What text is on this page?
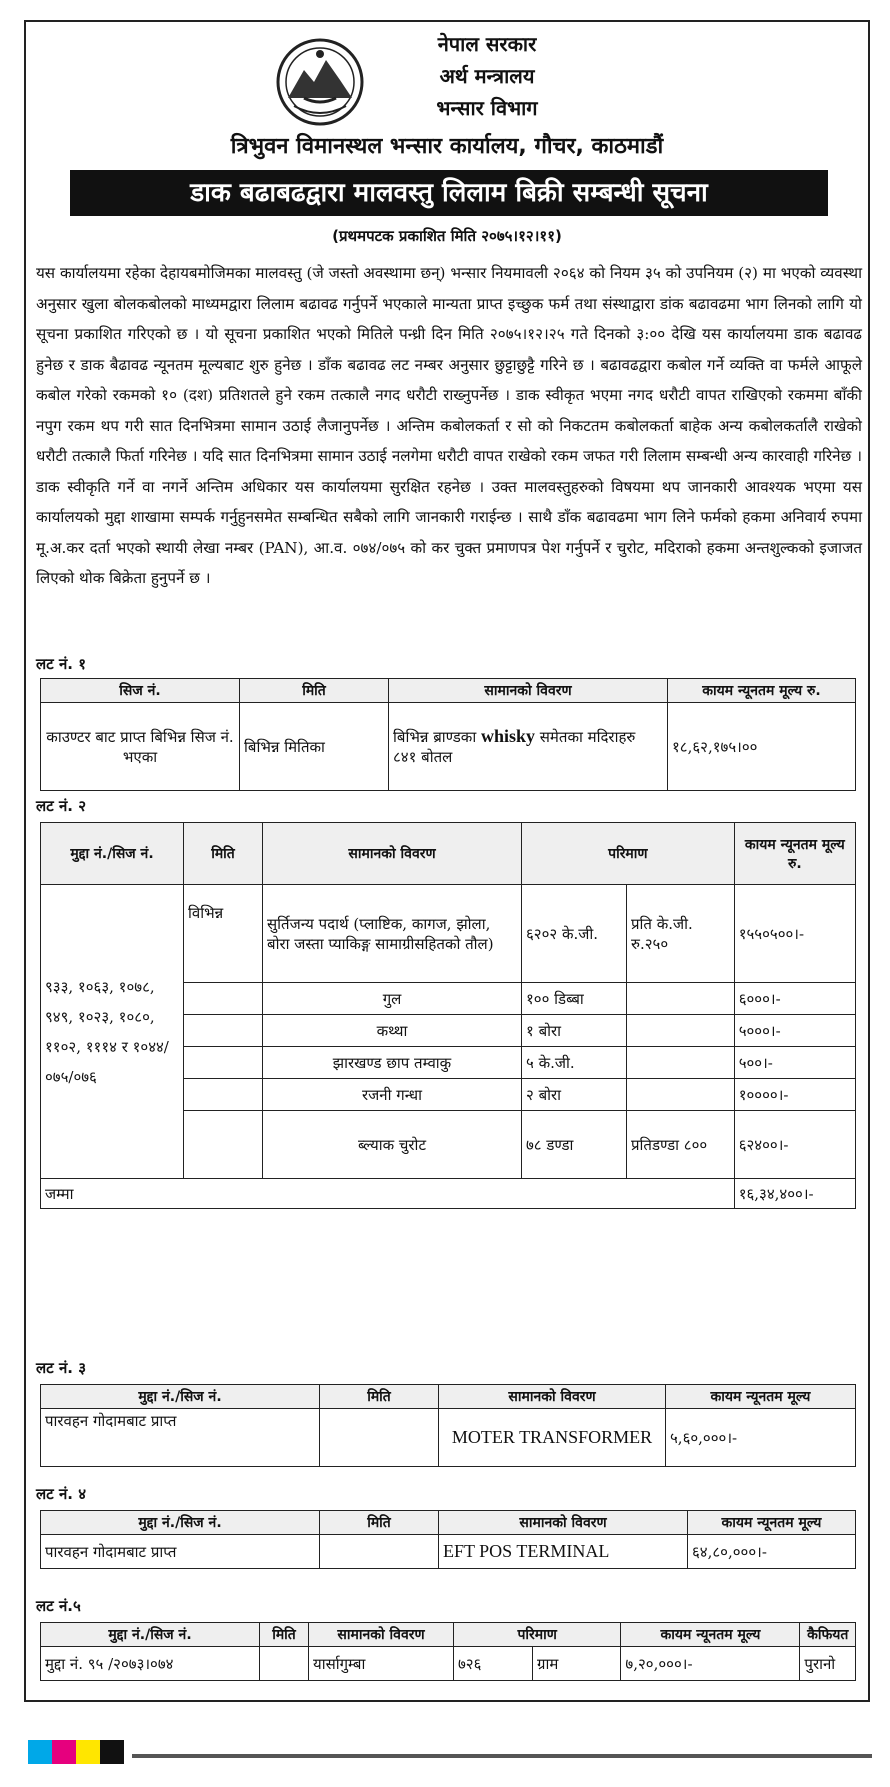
नेपाल सरकार
अर्थ मन्त्रालय
भन्सार विभाग
त्रिभुवन विमानस्थल भन्सार कार्यालय, गौचर, काठमाडौं
डाक बढाबढद्वारा मालवस्तु लिलाम बिक्री सम्बन्धी सूचना
(प्रथमपटक प्रकाशित मिति २०७५।१२।११)
यस कार्यालयमा रहेका देहायबमोजिमका मालवस्तु (जे जस्तो अवस्थामा छन्) भन्सार नियमावली २०६४ को नियम ३५ को उपनियम (२) मा भएको व्यवस्था अनुसार खुला बोलकबोलको माध्यमद्वारा लिलाम बढावढ गर्नुपर्ने भएकाले मान्यता प्राप्त इच्छुक फर्म तथा संस्थाद्वारा डांक बढावढमा भाग लिनको लागि यो सूचना प्रकाशित गरिएको छ । यो सूचना प्रकाशित भएको मितिले पन्ध्री दिन मिति २०७५।१२।२५ गते दिनको ३:०० देखि यस कार्यालयमा डाक बढावढ हुनेछ र डाक बैढावढ न्यूनतम मूल्यबाट शुरु हुनेछ । डाँक बढावढ लट नम्बर अनुसार छुट्टाछुट्टै गरिने छ । बढावढद्वारा कबोल गर्ने व्यक्ति वा फर्मले आफूले कबोल गरेको रकमको १० (दश) प्रतिशतले हुने रकम तत्कालै नगद धरौटी राख्नुपर्नेछ । डाक स्वीकृत भएमा नगद धरौटी वापत राखिएको रकममा बाँकी नपुग रकम थप गरी सात दिनभित्रमा सामान उठाई लैजानुपर्नेछ । अन्तिम कबोलकर्ता र सो को निकटतम कबोलकर्ता बाहेक अन्य कबोलकर्तालै राखेको धरौटी तत्कालै फिर्ता गरिनेछ । यदि सात दिनभित्रमा सामान उठाई नलगेमा धरौटी वापत राखेको रकम जफत गरी लिलाम सम्बन्धी अन्य कारवाही गरिनेछ । डाक स्वीकृति गर्ने वा नगर्ने अन्तिम अधिकार यस कार्यालयमा सुरक्षित रहनेछ । उक्त मालवस्तुहरुको विषयमा थप जानकारी आवश्यक भएमा यस कार्यालयको मुद्दा शाखामा सम्पर्क गर्नुहुनसमेत सम्बन्धित सबैको लागि जानकारी गराईन्छ । साथै डाँक बढावढमा भाग लिने फर्मको हकमा अनिवार्य रुपमा मू.अ.कर दर्ता भएको स्थायी लेखा नम्बर (PAN), आ.व. ०७४/०७५ को कर चुक्त प्रमाणपत्र पेश गर्नुपर्ने र चुरोट, मदिराको हकमा अन्तशुल्कको इजाजत लिएको थोक बिक्रेता हुनुपर्ने छ ।
लट नं. १
सिज नं.	मिति	सामानको विवरण	कायम न्यूनतम मूल्य रु.
काउण्टर बाट प्राप्त बिभिन्न सिज नं. भएका	बिभिन्न मितिका	बिभिन्न ब्राण्डका whisky समेतका मदिराहरु ८४१ बोतल	१८,६२,१७५।००
लट नं. २
मुद्दा नं./सिज नं.	मिति	सामानको विवरण	परिमाण		कायम न्यूनतम मूल्य रु.
९३३, १०६३, १०७८, ९४९, १०२३, १०८०, ११०२, १११४ र १०४४/ ०७५/०७६	विभिन्न	सुर्तिजन्य पदार्थ (प्लाष्टिक, कागज, झोला, बोरा जस्ता प्याकिङ्ग सामाग्रीसहितको तौल)	६२०२ के.जी.	प्रति के.जी. रु.२५०	१५५०५००।-
		गुल	१०० डिब्बा		६०००।-
		कथ्था	१ बोरा		५०००।-
		झारखण्ड छाप तम्वाकु	५ के.जी.		५००।-
		रजनी गन्धा	२ बोरा		१००००।-
		ब्ल्याक चुरोट	७८ डण्डा	प्रतिडण्डा ८००	६२४००।-
जम्मा					१६,३४,४००।-
लट नं. ३
मुद्दा नं./सिज नं.	मिति	सामानको विवरण	कायम न्यूनतम मूल्य
पारवहन गोदामबाट प्राप्त		MOTER TRANSFORMER	५,६०,०००।-
लट नं. ४
मुद्दा नं./सिज नं.	मिति	सामानको विवरण	कायम न्यूनतम मूल्य
पारवहन गोदामबाट प्राप्त		EFT POS TERMINAL	६४,८०,०००।-
लट नं.५
मुद्दा नं./सिज नं.	मिति	सामानको विवरण	परिमाण		कायम न्यूनतम मूल्य	कैफियत
मुद्दा नं. ९५ /२०७३।०७४		यार्सागुम्बा	७२६	ग्राम	७,२०,०००।-	पुरानो
